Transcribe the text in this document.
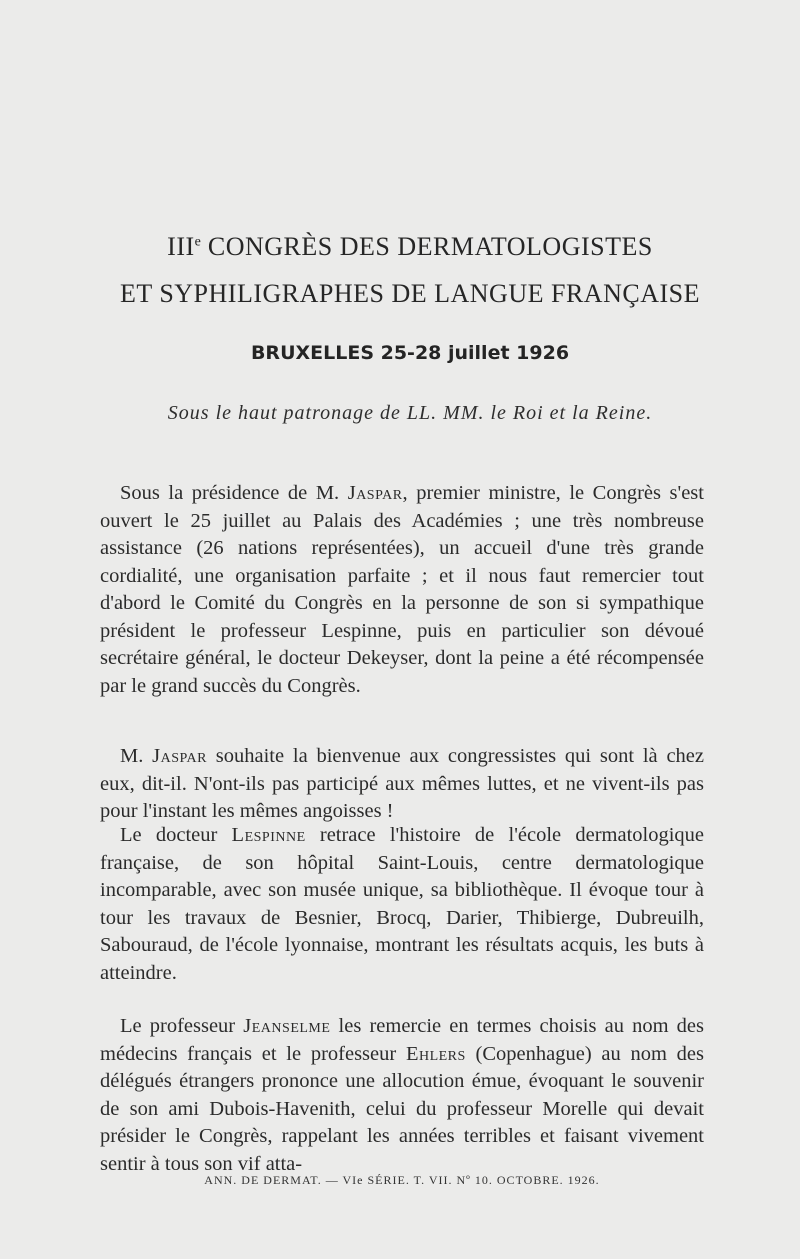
IIIe CONGRÈS DES DERMATOLOGISTES
ET SYPHILIGRAPHES DE LANGUE FRANÇAISE
BRUXELLES 25-28 juillet 1926
Sous le haut patronage de LL. MM. le Roi et la Reine.

Sous la présidence de M. Jaspar, premier ministre, le Congrès s'est ouvert le 25 juillet au Palais des Académies ; une très nombreuse assistance (26 nations représentées), un accueil d'une très grande cordialité, une organisation parfaite ; et il nous faut remercier tout d'abord le Comité du Congrès en la personne de son si sympathique président le professeur Lespinne, puis en particulier son dévoué secrétaire général, le docteur Dekeyser, dont la peine a été récompensée par le grand succès du Congrès.

M. Jaspar souhaite la bienvenue aux congressistes qui sont là chez eux, dit-il. N'ont-ils pas participé aux mêmes luttes, et ne vivent-ils pas pour l'instant les mêmes angoisses !

Le docteur Lespinne retrace l'histoire de l'école dermatologique française, de son hôpital Saint-Louis, centre dermatologique incomparable, avec son musée unique, sa bibliothèque. Il évoque tour à tour les travaux de Besnier, Brocq, Darier, Thibierge, Dubreuilh, Sabouraud, de l'école lyonnaise, montrant les résultats acquis, les buts à atteindre.

Le professeur Jeanselme les remercie en termes choisis au nom des médecins français et le professeur Ehlers (Copenhague) au nom des délégués étrangers prononce une allocution émue, évoquant le souvenir de son ami Dubois-Havenith, celui du professeur Morelle qui devait présider le Congrès, rappelant les années terribles et faisant vivement sentir à tous son vif atta-

ANN. DE DERMAT. — VIe SÉRIE. T. VII. Nº 10. OCTOBRE. 1926.
